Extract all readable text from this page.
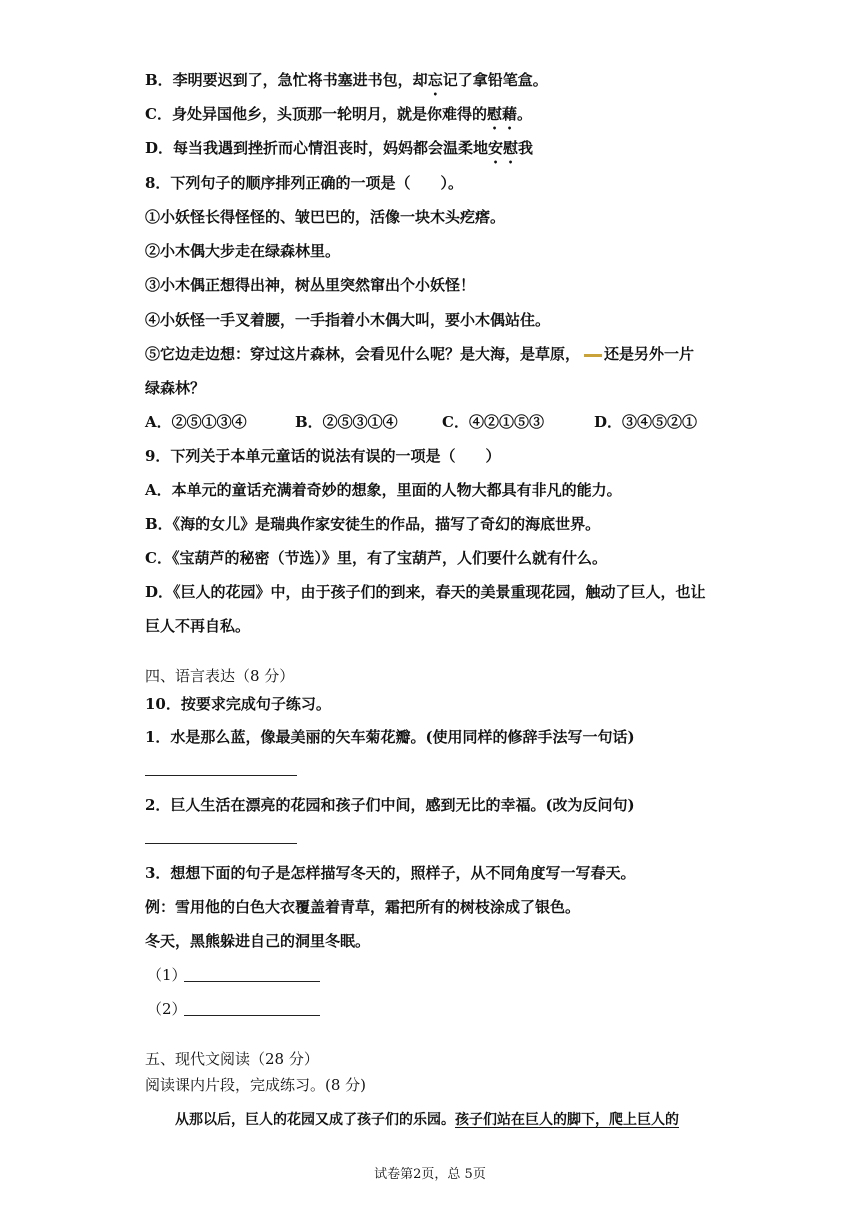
B．李明要迟到了，急忙将书塞进书包，却忘记了拿铅笔盒。
C．身处异国他乡，头顶那一轮明月，就是你难得的慰藉。
D．每当我遇到挫折而心情沮丧时，妈妈都会温柔地安慰我
8．下列句子的顺序排列正确的一项是（　　）。
①小妖怪长得怪怪的、皱巴巴的，活像一块木头疙瘩。
②小木偶大步走在绿森林里。
③小木偶正想得出神，树丛里突然窜出个小妖怪！
④小妖怪一手叉着腰，一手指着小木偶大叫，要小木偶站住。
⑤它边走边想：穿过这片森林，会看见什么呢？是大海，是草原， 还是另外一片
绿森林？
A．②⑤①③④	B．②⑤③①④	C．④②①⑤③	D．③④⑤②①
9．下列关于本单元童话的说法有误的一项是（　　）
A．本单元的童话充满着奇妙的想象，里面的人物大都具有非凡的能力。
B．《海的女儿》是瑞典作家安徒生的作品，描写了奇幻的海底世界。
C．《宝葫芦的秘密（节选）》里，有了宝葫芦，人们要什么就有什么。
D．《巨人的花园》中，由于孩子们的到来，春天的美景重现花园，触动了巨人，也让
巨人不再自私。
四、语言表达（8 分）
10．按要求完成句子练习。
1．水是那么蓝，像最美丽的矢车菊花瓣。(使用同样的修辞手法写一句话)
2．巨人生活在漂亮的花园和孩子们中间，感到无比的幸福。(改为反问句)
3．想想下面的句子是怎样描写冬天的，照样子，从不同角度写一写春天。
例：雪用他的白色大衣覆盖着青草，霜把所有的树枝涂成了银色。
冬天，黑熊躲进自己的洞里冬眠。
（1）
（2）
五、现代文阅读（28 分）
阅读课内片段，完成练习。(8 分)
从那以后，巨人的花园又成了孩子们的乐园。孩子们站在巨人的脚下，爬上巨人的
试卷第2页，总 5页
